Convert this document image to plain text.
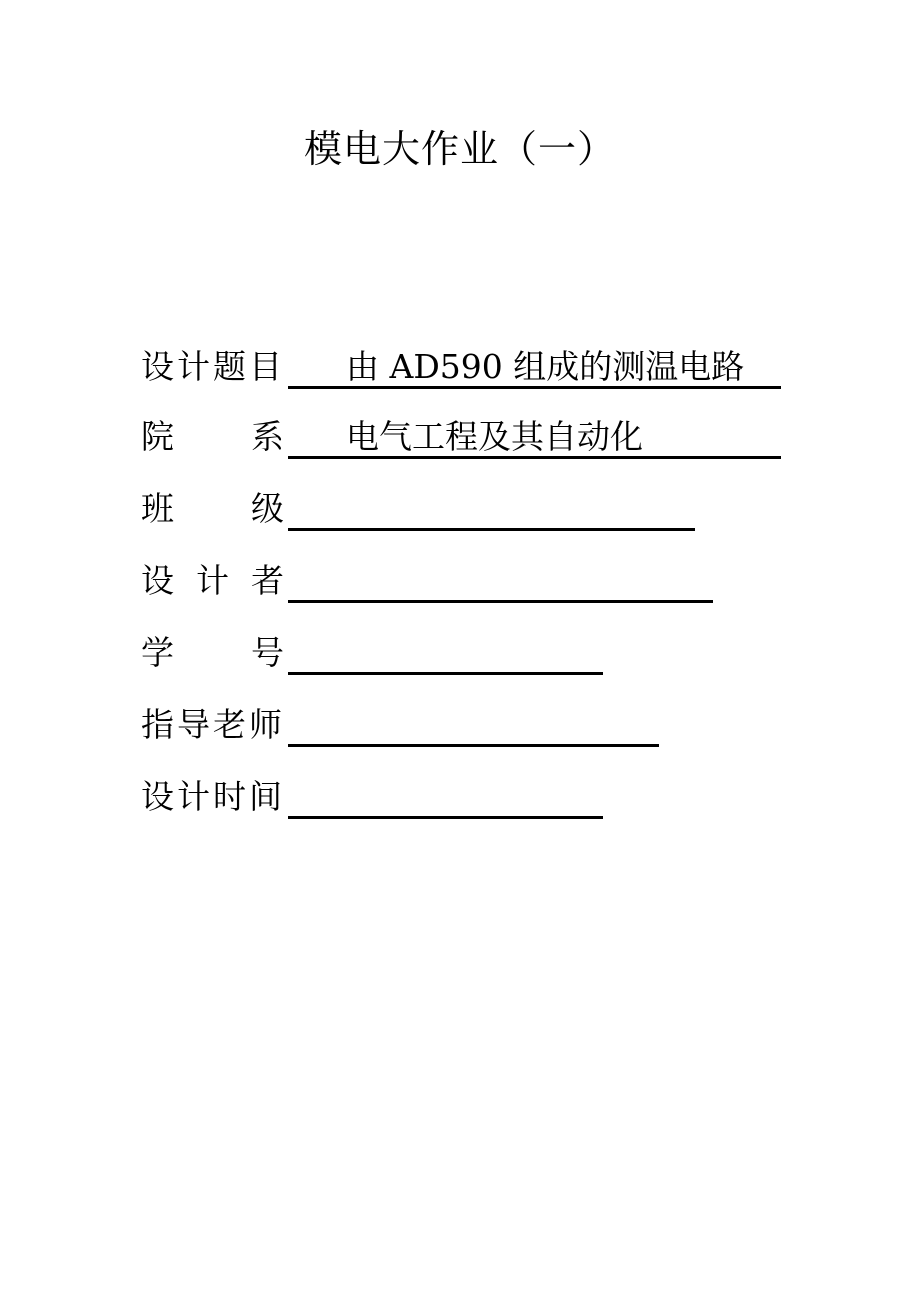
模电大作业（一）
设 计 题 目 由 AD590 组成的测温电路
院 系 电气工程及其自动化
班 级
设 计 者
学 号
指 导 老 师
设 计 时 间
